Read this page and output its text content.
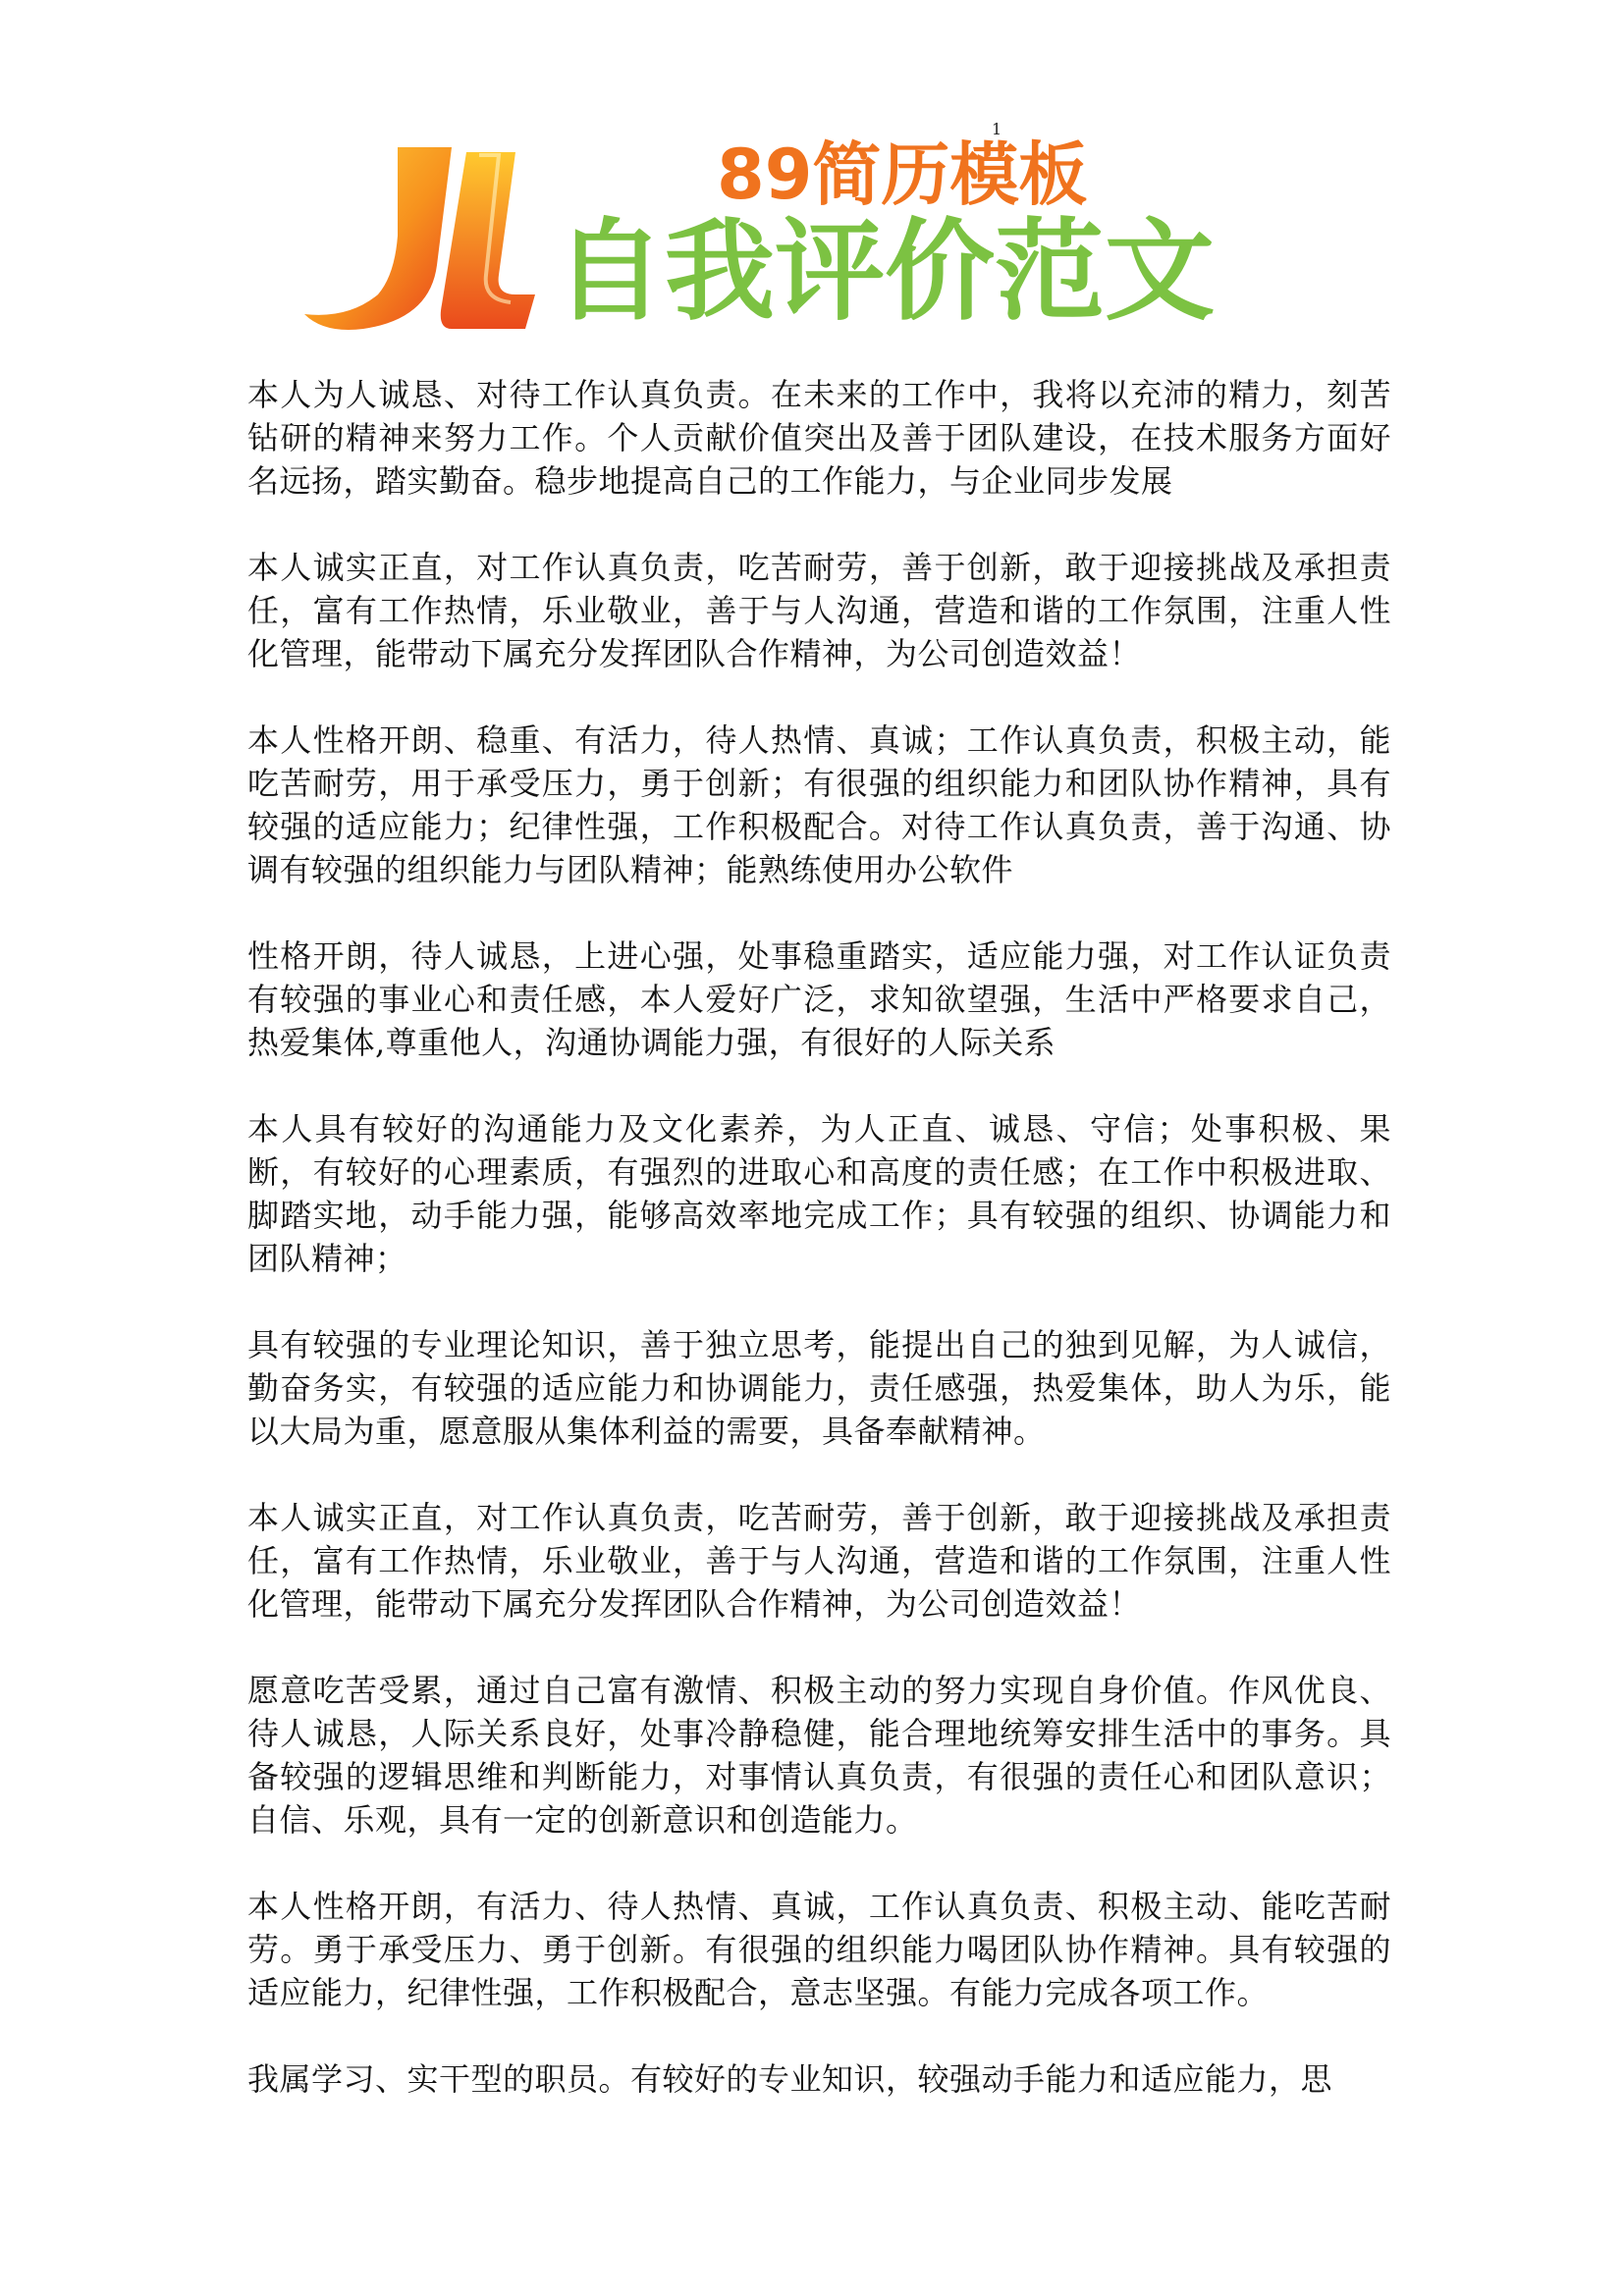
1
89简历模板
自我评价范文

本人为人诚恳、对待工作认真负责。在未来的工作中，我将以充沛的精力，刻苦钻研的精神来努力工作。个人贡献价值突出及善于团队建设，在技术服务方面好名远扬，踏实勤奋。稳步地提高自己的工作能力，与企业同步发展

本人诚实正直，对工作认真负责，吃苦耐劳，善于创新，敢于迎接挑战及承担责任，富有工作热情，乐业敬业，善于与人沟通，营造和谐的工作氛围，注重人性化管理，能带动下属充分发挥团队合作精神，为公司创造效益！

本人性格开朗、稳重、有活力，待人热情、真诚；工作认真负责，积极主动，能吃苦耐劳，用于承受压力，勇于创新；有很强的组织能力和团队协作精神，具有较强的适应能力；纪律性强，工作积极配合。对待工作认真负责，善于沟通、协调有较强的组织能力与团队精神；能熟练使用办公软件

性格开朗，待人诚恳，上进心强，处事稳重踏实，适应能力强，对工作认证负责有较强的事业心和责任感，本人爱好广泛，求知欲望强，生活中严格要求自己，热爱集体,尊重他人，沟通协调能力强，有很好的人际关系

本人具有较好的沟通能力及文化素养，为人正直、诚恳、守信；处事积极、果断，有较好的心理素质，有强烈的进取心和高度的责任感；在工作中积极进取、脚踏实地，动手能力强，能够高效率地完成工作；具有较强的组织、协调能力和团队精神；

具有较强的专业理论知识，善于独立思考，能提出自己的独到见解，为人诚信，勤奋务实，有较强的适应能力和协调能力，责任感强，热爱集体，助人为乐，能以大局为重，愿意服从集体利益的需要，具备奉献精神。

本人诚实正直，对工作认真负责，吃苦耐劳，善于创新，敢于迎接挑战及承担责任，富有工作热情，乐业敬业，善于与人沟通，营造和谐的工作氛围，注重人性化管理，能带动下属充分发挥团队合作精神，为公司创造效益！

愿意吃苦受累，通过自己富有激情、积极主动的努力实现自身价值。作风优良、待人诚恳，人际关系良好，处事冷静稳健，能合理地统筹安排生活中的事务。具备较强的逻辑思维和判断能力，对事情认真负责，有很强的责任心和团队意识；自信、乐观，具有一定的创新意识和创造能力。

本人性格开朗，有活力、待人热情、真诚，工作认真负责、积极主动、能吃苦耐劳。勇于承受压力、勇于创新。有很强的组织能力喝团队协作精神。具有较强的适应能力，纪律性强，工作积极配合，意志坚强。有能力完成各项工作。

我属学习、实干型的职员。有较好的专业知识，较强动手能力和适应能力，思
